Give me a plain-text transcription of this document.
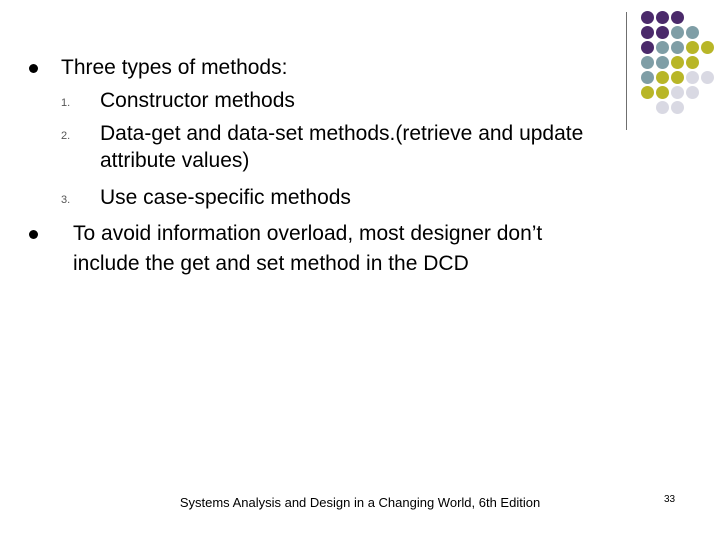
Three types of methods:
1. Constructor methods
2. Data-get and data-set methods.(retrieve and update
attribute values)
3. Use case-specific methods
To avoid information overload, most designer don’t
include the get and set method in the DCD
Systems Analysis and Design in a Changing World, 6th Edition	33
